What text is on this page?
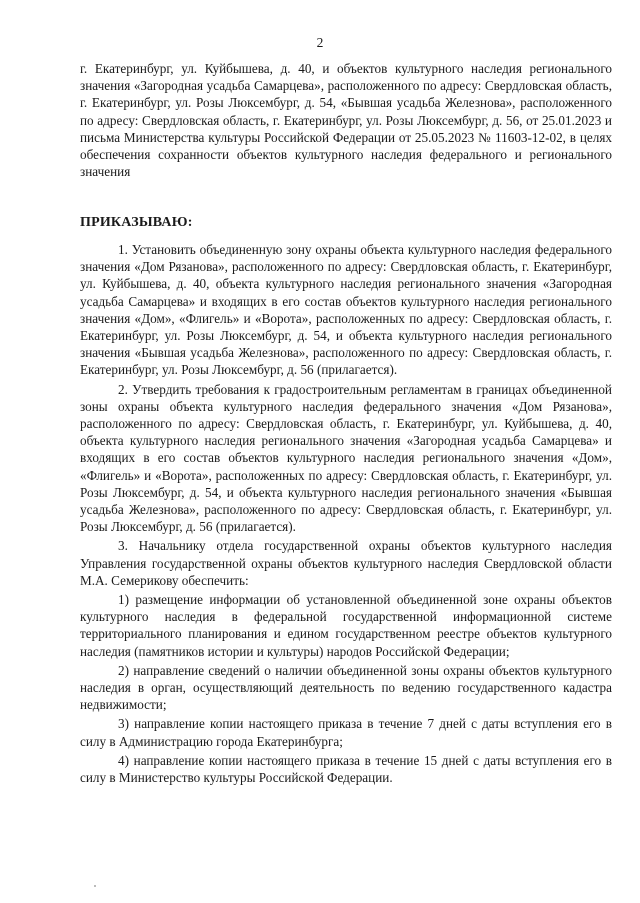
2

г. Екатеринбург, ул. Куйбышева, д. 40, и объектов культурного наследия регионального значения «Загородная усадьба Самарцева», расположенного по адресу: Свердловская область, г. Екатеринбург, ул. Розы Люксембург, д. 54, «Бывшая усадьба Железнова», расположенного по адресу: Свердловская область, г. Екатеринбург, ул. Розы Люксембург, д. 56, от 25.01.2023 и письма Министерства культуры Российской Федерации от 25.05.2023 № 11603-12-02, в целях обеспечения сохранности объектов культурного наследия федерального и регионального значения

ПРИКАЗЫВАЮ:

1. Установить объединенную зону охраны объекта культурного наследия федерального значения «Дом Рязанова», расположенного по адресу: Свердловская область, г. Екатеринбург, ул. Куйбышева, д. 40, объекта культурного наследия регионального значения «Загородная усадьба Самарцева» и входящих в его состав объектов культурного наследия регионального значения «Дом», «Флигель» и «Ворота», расположенных по адресу: Свердловская область, г. Екатеринбург, ул. Розы Люксембург, д. 54, и объекта культурного наследия регионального значения «Бывшая усадьба Железнова», расположенного по адресу: Свердловская область, г. Екатеринбург, ул. Розы Люксембург, д. 56 (прилагается).

2. Утвердить требования к градостроительным регламентам в границах объединенной зоны охраны объекта культурного наследия федерального значения «Дом Рязанова», расположенного по адресу: Свердловская область, г. Екатеринбург, ул. Куйбышева, д. 40, объекта культурного наследия регионального значения «Загородная усадьба Самарцева» и входящих в его состав объектов культурного наследия регионального значения «Дом», «Флигель» и «Ворота», расположенных по адресу: Свердловская область, г. Екатеринбург, ул. Розы Люксембург, д. 54, и объекта культурного наследия регионального значения «Бывшая усадьба Железнова», расположенного по адресу: Свердловская область, г. Екатеринбург, ул. Розы Люксембург, д. 56 (прилагается).

3. Начальнику отдела государственной охраны объектов культурного наследия Управления государственной охраны объектов культурного наследия Свердловской области М.А. Семерикову обеспечить:

1) размещение информации об установленной объединенной зоне охраны объектов культурного наследия в федеральной государственной информационной системе территориального планирования и едином государственном реестре объектов культурного наследия (памятников истории и культуры) народов Российской Федерации;

2) направление сведений о наличии объединенной зоны охраны объектов культурного наследия в орган, осуществляющий деятельность по ведению государственного кадастра недвижимости;

3) направление копии настоящего приказа в течение 7 дней с даты вступления его в силу в Администрацию города Екатеринбурга;

4) направление копии настоящего приказа в течение 15 дней с даты вступления его в силу в Министерство культуры Российской Федерации.
